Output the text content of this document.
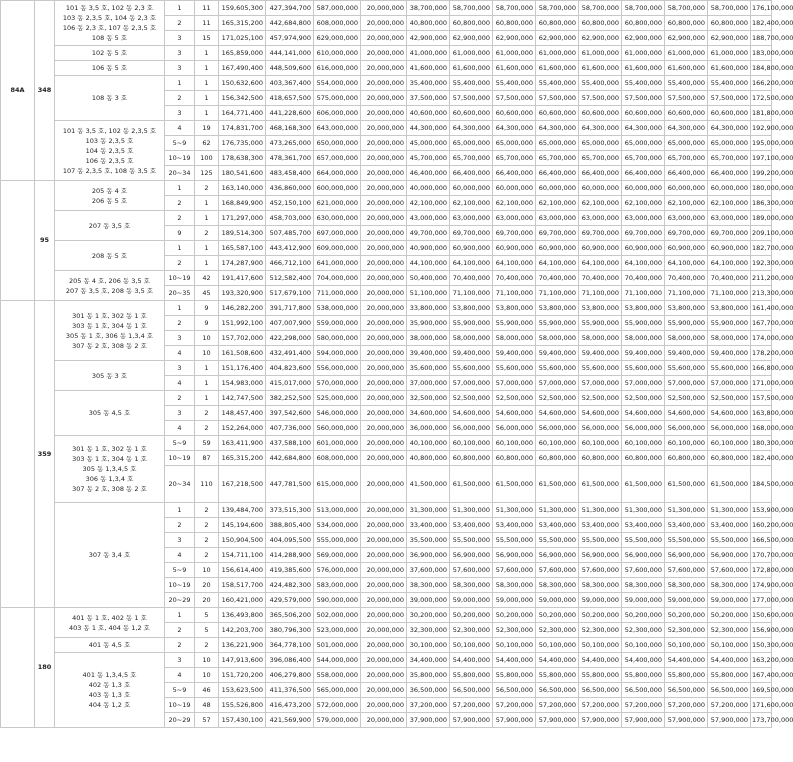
84A	348	101 동 3,5 호, 102 동 2,3 호
103 동 2,3,5 호, 104 동 2,3 호
106 동 2,3 호, 107 동 2,3,5 호
108 동 5 호	1	11	159,605,300	427,394,700	587,000,000	20,000,000	38,700,000	58,700,000	58,700,000	58,700,000	58,700,000	58,700,000	58,700,000	58,700,000	176,100,000
			2	11	165,315,200	442,684,800	608,000,000	20,000,000	40,800,000	60,800,000	60,800,000	60,800,000	60,800,000	60,800,000	60,800,000	60,800,000	182,400,000
			3	15	171,025,100	457,974,900	629,000,000	20,000,000	42,900,000	62,900,000	62,900,000	62,900,000	62,900,000	62,900,000	62,900,000	62,900,000	188,700,000

		102 동 5 호	3	1	165,859,000	444,141,000	610,000,000	20,000,000	41,000,000	61,000,000	61,000,000	61,000,000	61,000,000	61,000,000	61,000,000	61,000,000	183,000,000

		106 동 5 호	3	1	167,490,400	448,509,600	616,000,000	20,000,000	41,600,000	61,600,000	61,600,000	61,600,000	61,600,000	61,600,000	61,600,000	61,600,000	184,800,000

		108 동 3 호	1	1	150,632,600	403,367,400	554,000,000	20,000,000	35,400,000	55,400,000	55,400,000	55,400,000	55,400,000	55,400,000	55,400,000	55,400,000	166,200,000
			2	1	156,342,500	418,657,500	575,000,000	20,000,000	37,500,000	57,500,000	57,500,000	57,500,000	57,500,000	57,500,000	57,500,000	57,500,000	172,500,000
			3	1	164,771,400	441,228,600	606,000,000	20,000,000	40,600,000	60,600,000	60,600,000	60,600,000	60,600,000	60,600,000	60,600,000	60,600,000	181,800,000

		101 동 3,5 호, 102 동 2,3,5 호
103 동 2,3,5 호
104 동 2,3,5 호
106 동 2,3,5 호
107 동 2,3,5 호, 108 동 3,5 호	4	19	174,831,700	468,168,300	643,000,000	20,000,000	44,300,000	64,300,000	64,300,000	64,300,000	64,300,000	64,300,000	64,300,000	64,300,000	192,900,000
			5~9	62	176,735,000	473,265,000	650,000,000	20,000,000	45,000,000	65,000,000	65,000,000	65,000,000	65,000,000	65,000,000	65,000,000	65,000,000	195,000,000
			10~19	100	178,638,300	478,361,700	657,000,000	20,000,000	45,700,000	65,700,000	65,700,000	65,700,000	65,700,000	65,700,000	65,700,000	65,700,000	197,100,000
			20~34	125	180,541,600	483,458,400	664,000,000	20,000,000	46,400,000	66,400,000	66,400,000	66,400,000	66,400,000	66,400,000	66,400,000	66,400,000	199,200,000
	95	205 동 4 호
206 동 5 호	1	2	163,140,000	436,860,000	600,000,000	20,000,000	40,000,000	60,000,000	60,000,000	60,000,000	60,000,000	60,000,000	60,000,000	60,000,000	180,000,000
			2	1	168,849,900	452,150,100	621,000,000	20,000,000	42,100,000	62,100,000	62,100,000	62,100,000	62,100,000	62,100,000	62,100,000	62,100,000	186,300,000

		207 동 3,5 호	2	1	171,297,000	458,703,000	630,000,000	20,000,000	43,000,000	63,000,000	63,000,000	63,000,000	63,000,000	63,000,000	63,000,000	63,000,000	189,000,000
			9	2	189,514,300	507,485,700	697,000,000	20,000,000	49,700,000	69,700,000	69,700,000	69,700,000	69,700,000	69,700,000	69,700,000	69,700,000	209,100,000

		208 동 5 호	1	1	165,587,100	443,412,900	609,000,000	20,000,000	40,900,000	60,900,000	60,900,000	60,900,000	60,900,000	60,900,000	60,900,000	60,900,000	182,700,000
			2	1	174,287,900	466,712,100	641,000,000	20,000,000	44,100,000	64,100,000	64,100,000	64,100,000	64,100,000	64,100,000	64,100,000	64,100,000	192,300,000

		205 동 4 호, 206 동 3,5 호
207 동 3,5 호, 208 동 3,5 호	10~19	42	191,417,600	512,582,400	704,000,000	20,000,000	50,400,000	70,400,000	70,400,000	70,400,000	70,400,000	70,400,000	70,400,000	70,400,000	211,200,000
			20~35	45	193,320,900	517,679,100	711,000,000	20,000,000	51,100,000	71,100,000	71,100,000	71,100,000	71,100,000	71,100,000	71,100,000	71,100,000	213,300,000
	359	301 동 1 호, 302 동 1 호
303 동 1 호, 304 동 1 호
305 동 1 호, 306 동 1,3,4 호
307 동 2 호, 308 동 2 호	1	9	146,282,200	391,717,800	538,000,000	20,000,000	33,800,000	53,800,000	53,800,000	53,800,000	53,800,000	53,800,000	53,800,000	53,800,000	161,400,000
			2	9	151,992,100	407,007,900	559,000,000	20,000,000	35,900,000	55,900,000	55,900,000	55,900,000	55,900,000	55,900,000	55,900,000	55,900,000	167,700,000
			3	10	157,702,000	422,298,000	580,000,000	20,000,000	38,000,000	58,000,000	58,000,000	58,000,000	58,000,000	58,000,000	58,000,000	58,000,000	174,000,000
			4	10	161,508,600	432,491,400	594,000,000	20,000,000	39,400,000	59,400,000	59,400,000	59,400,000	59,400,000	59,400,000	59,400,000	59,400,000	178,200,000

		305 동 3 호	3	1	151,176,400	404,823,600	556,000,000	20,000,000	35,600,000	55,600,000	55,600,000	55,600,000	55,600,000	55,600,000	55,600,000	55,600,000	166,800,000
			4	1	154,983,000	415,017,000	570,000,000	20,000,000	37,000,000	57,000,000	57,000,000	57,000,000	57,000,000	57,000,000	57,000,000	57,000,000	171,000,000

		305 동 4,5 호	2	1	142,747,500	382,252,500	525,000,000	20,000,000	32,500,000	52,500,000	52,500,000	52,500,000	52,500,000	52,500,000	52,500,000	52,500,000	157,500,000
			3	2	148,457,400	397,542,600	546,000,000	20,000,000	34,600,000	54,600,000	54,600,000	54,600,000	54,600,000	54,600,000	54,600,000	54,600,000	163,800,000
			4	2	152,264,000	407,736,000	560,000,000	20,000,000	36,000,000	56,000,000	56,000,000	56,000,000	56,000,000	56,000,000	56,000,000	56,000,000	168,000,000

		301 동 1 호, 302 동 1 호
303 동 1 호, 304 동 1 호
305 동 1,3,4,5 호
306 동 1,3,4 호
307 동 2 호, 308 동 2 호	5~9	59	163,411,900	437,588,100	601,000,000	20,000,000	40,100,000	60,100,000	60,100,000	60,100,000	60,100,000	60,100,000	60,100,000	60,100,000	180,300,000
			10~19	87	165,315,200	442,684,800	608,000,000	20,000,000	40,800,000	60,800,000	60,800,000	60,800,000	60,800,000	60,800,000	60,800,000	60,800,000	182,400,000
			20~34	110	167,218,500	447,781,500	615,000,000	20,000,000	41,500,000	61,500,000	61,500,000	61,500,000	61,500,000	61,500,000	61,500,000	61,500,000	184,500,000

		307 동 3,4 호	1	2	139,484,700	373,515,300	513,000,000	20,000,000	31,300,000	51,300,000	51,300,000	51,300,000	51,300,000	51,300,000	51,300,000	51,300,000	153,900,000
			2	2	145,194,600	388,805,400	534,000,000	20,000,000	33,400,000	53,400,000	53,400,000	53,400,000	53,400,000	53,400,000	53,400,000	53,400,000	160,200,000
			3	2	150,904,500	404,095,500	555,000,000	20,000,000	35,500,000	55,500,000	55,500,000	55,500,000	55,500,000	55,500,000	55,500,000	55,500,000	166,500,000
			4	2	154,711,100	414,288,900	569,000,000	20,000,000	36,900,000	56,900,000	56,900,000	56,900,000	56,900,000	56,900,000	56,900,000	56,900,000	170,700,000
			5~9	10	156,614,400	419,385,600	576,000,000	20,000,000	37,600,000	57,600,000	57,600,000	57,600,000	57,600,000	57,600,000	57,600,000	57,600,000	172,800,000
			10~19	20	158,517,700	424,482,300	583,000,000	20,000,000	38,300,000	58,300,000	58,300,000	58,300,000	58,300,000	58,300,000	58,300,000	58,300,000	174,900,000
			20~29	20	160,421,000	429,579,000	590,000,000	20,000,000	39,000,000	59,000,000	59,000,000	59,000,000	59,000,000	59,000,000	59,000,000	59,000,000	177,000,000
	180	401 동 1 호, 402 동 1 호
403 동 1 호, 404 동 1,2 호	1	5	136,493,800	365,506,200	502,000,000	20,000,000	30,200,000	50,200,000	50,200,000	50,200,000	50,200,000	50,200,000	50,200,000	50,200,000	150,600,000
			2	5	142,203,700	380,796,300	523,000,000	20,000,000	32,300,000	52,300,000	52,300,000	52,300,000	52,300,000	52,300,000	52,300,000	52,300,000	156,900,000

		401 동 4,5 호	2	2	136,221,900	364,778,100	501,000,000	20,000,000	30,100,000	50,100,000	50,100,000	50,100,000	50,100,000	50,100,000	50,100,000	50,100,000	150,300,000

		401 동 1,3,4,5 호
402 동 1,3 호
403 동 1,3 호
404 동 1,2 호	3	10	147,913,600	396,086,400	544,000,000	20,000,000	34,400,000	54,400,000	54,400,000	54,400,000	54,400,000	54,400,000	54,400,000	54,400,000	163,200,000
			4	10	151,720,200	406,279,800	558,000,000	20,000,000	35,800,000	55,800,000	55,800,000	55,800,000	55,800,000	55,800,000	55,800,000	55,800,000	167,400,000
			5~9	46	153,623,500	411,376,500	565,000,000	20,000,000	36,500,000	56,500,000	56,500,000	56,500,000	56,500,000	56,500,000	56,500,000	56,500,000	169,500,000
			10~19	48	155,526,800	416,473,200	572,000,000	20,000,000	37,200,000	57,200,000	57,200,000	57,200,000	57,200,000	57,200,000	57,200,000	57,200,000	171,600,000
			20~29	57	157,430,100	421,569,900	579,000,000	20,000,000	37,900,000	57,900,000	57,900,000	57,900,000	57,900,000	57,900,000	57,900,000	57,900,000	173,700,000
